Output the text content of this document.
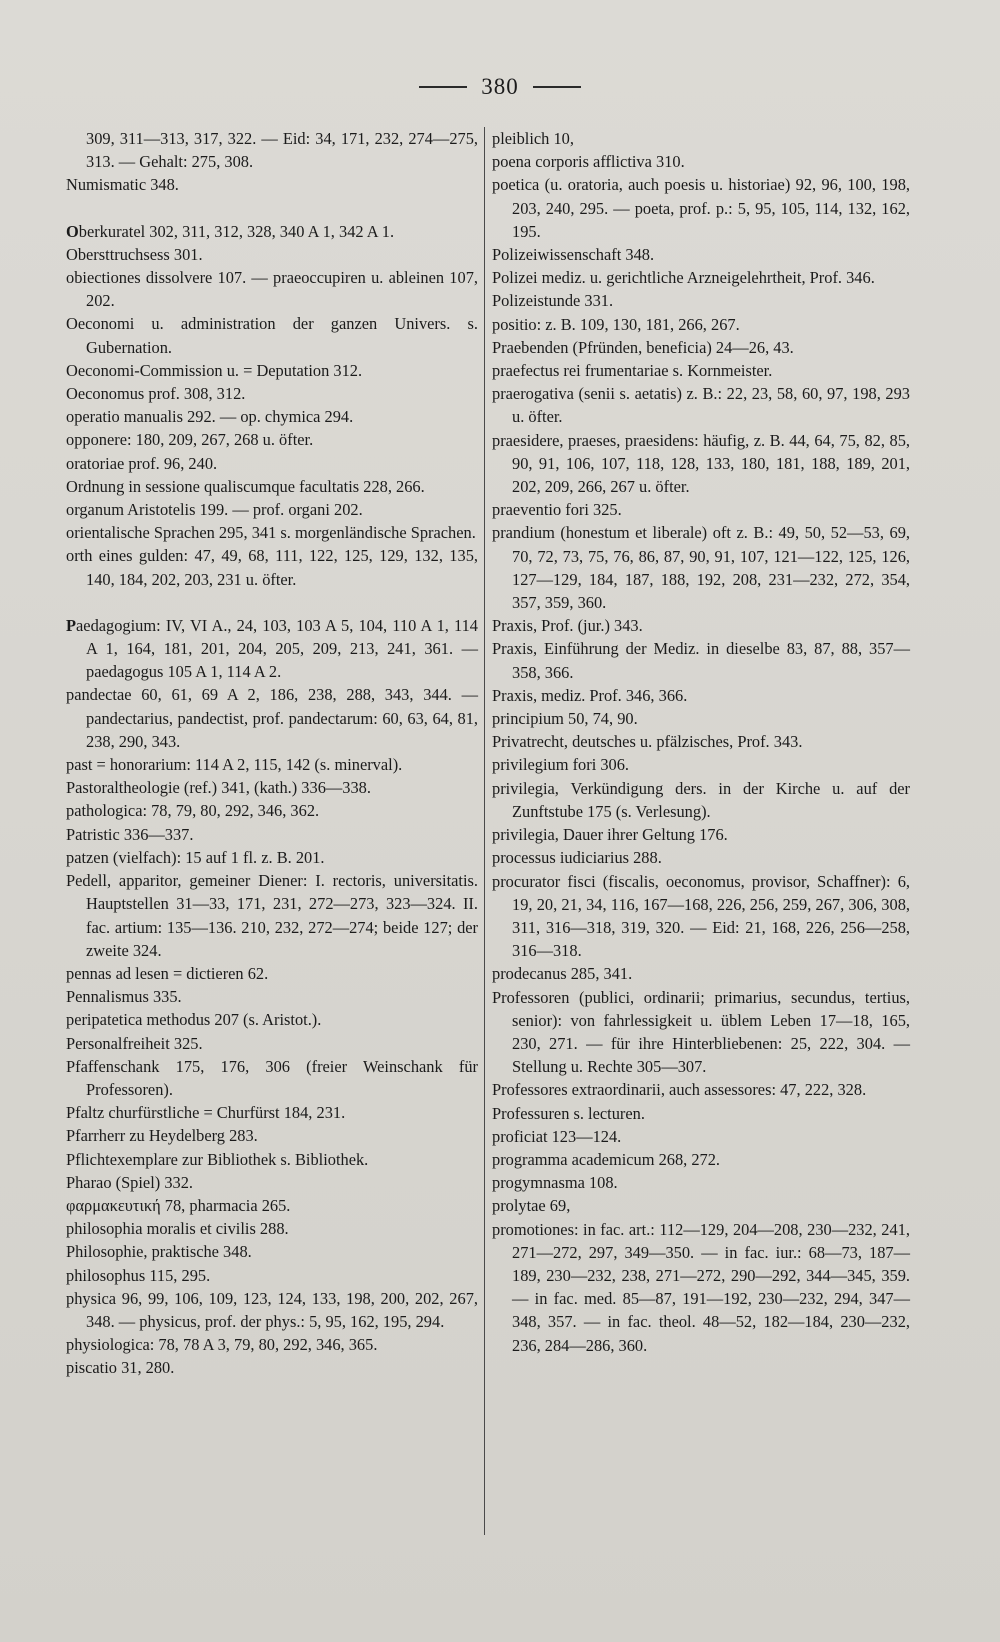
380

309, 311—313, 317, 322. — Eid: 34, 171, 232, 274—275, 313. — Gehalt: 275, 308.

Numismatic 348.

Oberkuratel 302, 311, 312, 328, 340 A 1, 342 A 1.

Obersttruchsess 301.

obiectiones dissolvere 107. — praeoccupiren u. ableinen 107, 202.

Oeconomi u. administration der ganzen Univers. s. Gubernation.

Oeconomi-Commission u. = Deputation 312.

Oeconomus prof. 308, 312.

operatio manualis 292. — op. chymica 294.

opponere: 180, 209, 267, 268 u. öfter.

oratoriae prof. 96, 240.

Ordnung in sessione qualiscumque facultatis 228, 266.

organum Aristotelis 199. — prof. organi 202.

orientalische Sprachen 295, 341 s. morgenländische Sprachen.

orth eines gulden: 47, 49, 68, 111, 122, 125, 129, 132, 135, 140, 184, 202, 203, 231 u. öfter.

Paedagogium: IV, VI A., 24, 103, 103 A 5, 104, 110 A 1, 114 A 1, 164, 181, 201, 204, 205, 209, 213, 241, 361. — paedagogus 105 A 1, 114 A 2.

pandectae 60, 61, 69 A 2, 186, 238, 288, 343, 344. — pandectarius, pandectist, prof. pandectarum: 60, 63, 64, 81, 238, 290, 343.

past = honorarium: 114 A 2, 115, 142 (s. minerval).

Pastoraltheologie (ref.) 341, (kath.) 336—338.

pathologica: 78, 79, 80, 292, 346, 362.

Patristic 336—337.

patzen (vielfach): 15 auf 1 fl. z. B. 201.

Pedell, apparitor, gemeiner Diener: I. rectoris, universitatis. Hauptstellen 31—33, 171, 231, 272—273, 323—324. II. fac. artium: 135—136. 210, 232, 272—274; beide 127; der zweite 324.

pennas ad lesen = dictieren 62.

Pennalismus 335.

peripatetica methodus 207 (s. Aristot.).

Personalfreiheit 325.

Pfaffenschank 175, 176, 306 (freier Weinschank für Professoren).

Pfaltz churfürstliche = Churfürst 184, 231.

Pfarrherr zu Heydelberg 283.

Pflichtexemplare zur Bibliothek s. Bibliothek.

Pharao (Spiel) 332.

φαρμακευτική 78, pharmacia 265.

philosophia moralis et civilis 288.

Philosophie, praktische 348.

philosophus 115, 295.

physica 96, 99, 106, 109, 123, 124, 133, 198, 200, 202, 267, 348. — physicus, prof. der phys.: 5, 95, 162, 195, 294.

physiologica: 78, 78 A 3, 79, 80, 292, 346, 365.

piscatio 31, 280.

pleiblich 10,

poena corporis afflictiva 310.

poetica (u. oratoria, auch poesis u. historiae) 92, 96, 100, 198, 203, 240, 295. — poeta, prof. p.: 5, 95, 105, 114, 132, 162, 195.

Polizeiwissenschaft 348.

Polizei mediz. u. gerichtliche Arzneigelehrtheit, Prof. 346.

Polizeistunde 331.

positio: z. B. 109, 130, 181, 266, 267.

Praebenden (Pfründen, beneficia) 24—26, 43.

praefectus rei frumentariae s. Kornmeister.

praerogativa (senii s. aetatis) z. B.: 22, 23, 58, 60, 97, 198, 293 u. öfter.

praesidere, praeses, praesidens: häufig, z. B. 44, 64, 75, 82, 85, 90, 91, 106, 107, 118, 128, 133, 180, 181, 188, 189, 201, 202, 209, 266, 267 u. öfter.

praeventio fori 325.

prandium (honestum et liberale) oft z. B.: 49, 50, 52—53, 69, 70, 72, 73, 75, 76, 86, 87, 90, 91, 107, 121—122, 125, 126, 127—129, 184, 187, 188, 192, 208, 231—232, 272, 354, 357, 359, 360.

Praxis, Prof. (jur.) 343.

Praxis, Einführung der Mediz. in dieselbe 83, 87, 88, 357—358, 366.

Praxis, mediz. Prof. 346, 366.

principium 50, 74, 90.

Privatrecht, deutsches u. pfälzisches, Prof. 343.

privilegium fori 306.

privilegia, Verkündigung ders. in der Kirche u. auf der Zunftstube 175 (s. Verlesung).

privilegia, Dauer ihrer Geltung 176.

processus iudiciarius 288.

procurator fisci (fiscalis, oeconomus, provisor, Schaffner): 6, 19, 20, 21, 34, 116, 167—168, 226, 256, 259, 267, 306, 308, 311, 316—318, 319, 320. — Eid: 21, 168, 226, 256—258, 316—318.

prodecanus 285, 341.

Professoren (publici, ordinarii; primarius, secundus, tertius, senior): von fahrlessigkeit u. üblem Leben 17—18, 165, 230, 271. — für ihre Hinterbliebenen: 25, 222, 304. — Stellung u. Rechte 305—307.

Professores extraordinarii, auch assessores: 47, 222, 328.

Professuren s. lecturen.

proficiat 123—124.

programma academicum 268, 272.

progymnasma 108.

prolytae 69,

promotiones: in fac. art.: 112—129, 204—208, 230—232, 241, 271—272, 297, 349—350. — in fac. iur.: 68—73, 187—189, 230—232, 238, 271—272, 290—292, 344—345, 359. — in fac. med. 85—87, 191—192, 230—232, 294, 347—348, 357. — in fac. theol. 48—52, 182—184, 230—232, 236, 284—286, 360.
